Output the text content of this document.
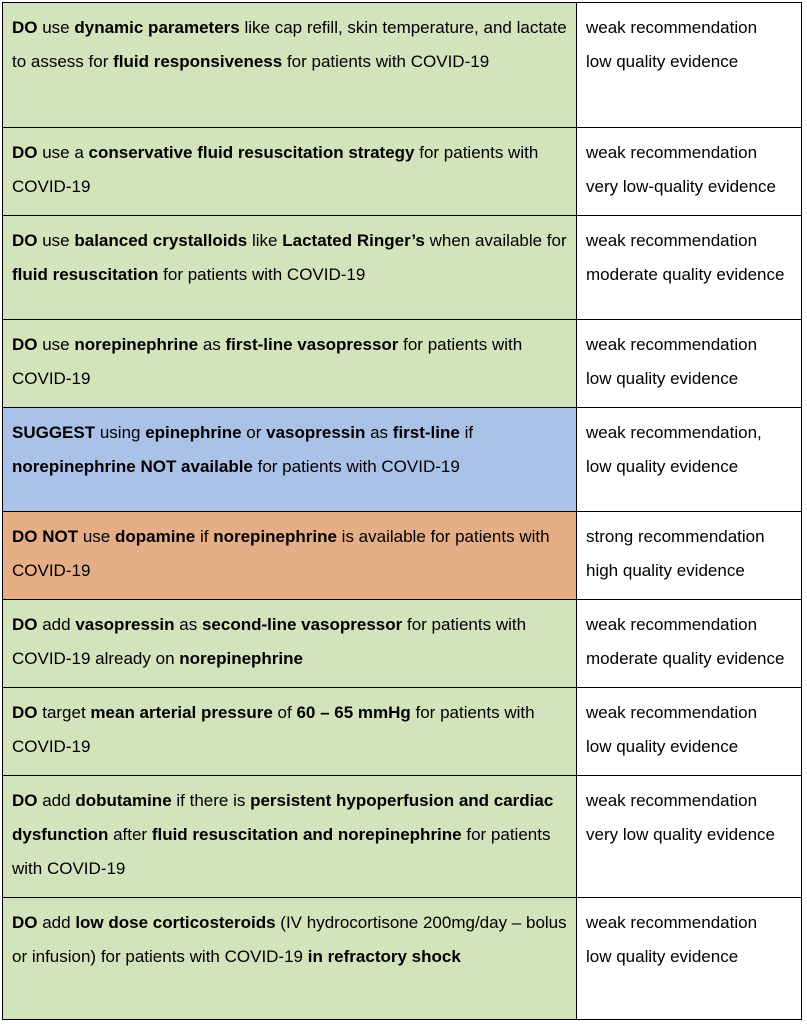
DO use dynamic parameters like cap refill, skin temperature, and lactate to assess for fluid responsiveness for patients with COVID-19	weak recommendation
low quality evidence

DO use a conservative fluid resuscitation strategy for patients with COVID-19	weak recommendation
very low-quality evidence

DO use balanced crystalloids like Lactated Ringer’s when available for fluid resuscitation for patients with COVID-19	weak recommendation
moderate quality evidence

DO use norepinephrine as first-line vasopressor for patients with COVID-19	weak recommendation
low quality evidence

SUGGEST using epinephrine or vasopressin as first-line if norepinephrine NOT available for patients with COVID-19	weak recommendation,
low quality evidence

DO NOT use dopamine if norepinephrine is available for patients with COVID-19	strong recommendation
high quality evidence

DO add vasopressin as second-line vasopressor for patients with COVID-19 already on norepinephrine	weak recommendation
moderate quality evidence

DO target mean arterial pressure of 60 – 65 mmHg for patients with COVID-19	weak recommendation
low quality evidence

DO add dobutamine if there is persistent hypoperfusion and cardiac dysfunction after fluid resuscitation and norepinephrine for patients with COVID-19	weak recommendation
very low quality evidence

DO add low dose corticosteroids (IV hydrocortisone 200mg/day – bolus or infusion) for patients with COVID-19 in refractory shock	weak recommendation
low quality evidence
